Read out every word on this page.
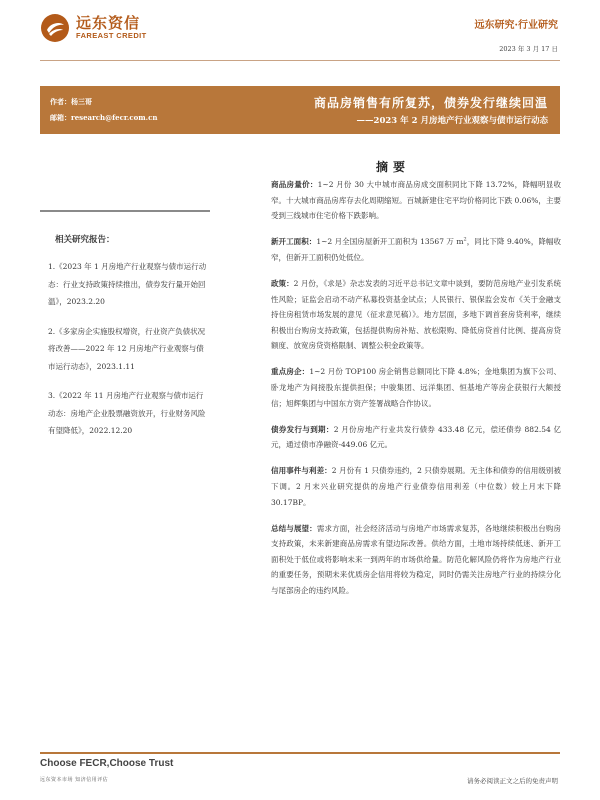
远东资信
FAREAST CREDIT
远东研究·行业研究
2023 年 3 月 17 日
作者：杨三哥
邮箱：research@fecr.com.cn
商品房销售有所复苏，债券发行继续回温
——2023 年 2 月房地产行业观察与债市运行动态
相关研究报告：
1.《2023 年 1 月房地产行业观察与债市运行动态：行业支持政策持续推出，债券发行量开始回温》，2023.2.20
2.《多家房企实施股权增资，行业资产负债状况将改善——2022 年 12 月房地产行业观察与债市运行动态》，2023.1.11
3.《2022 年 11 月房地产行业观察与债市运行动态：房地产企业股票融资放开，行业财务风险有望降低》，2022.12.20
摘要
商品房量价：1~2 月份 30 大中城市商品房成交面积同比下降 13.72%，降幅明显收窄。十大城市商品房库存去化周期缩短。百城新建住宅平均价格同比下跌 0.06%，主要受到三线城市住宅价格下跌影响。
新开工面积：1~2 月全国房屋新开工面积为 13567 万 $m^2$，同比下降 9.40%，降幅收窄，但新开工面积仍处低位。
政策：2 月份，《求是》杂志发表的习近平总书记文章中谈到，要防范房地产业引发系统性风险；证监会启动不动产私募投资基金试点；人民银行、银保监会发布《关于金融支持住房租赁市场发展的意见（征求意见稿）》。地方层面，多地下调首套房贷利率，继续积极出台购房支持政策，包括提供购房补贴、放松限购、降低房贷首付比例、提高房贷额度、放宽房贷资格限制、调整公积金政策等。
重点房企：1~2 月份 TOP100 房企销售总额同比下降 4.8%；金地集团为旗下公司、卧龙地产为间接股东提供担保；中骏集团、远洋集团、恒基地产等房企获银行大额授信；旭辉集团与中国东方资产签署战略合作协议。
债券发行与到期：2 月份房地产行业共发行债券 433.48 亿元，偿还债券 882.54 亿元，通过债市净融资-449.06 亿元。
信用事件与利差：2 月份有 1 只债券违约，2 只债券展期。无主体和债券的信用级别被下调。2 月末兴业研究提供的房地产行业债券信用利差（中位数）较上月末下降 30.17BP。
总结与展望：需求方面，社会经济活动与房地产市场需求复苏，各地继续积极出台购房支持政策，未来新建商品房需求有望边际改善。供给方面，土地市场持续低迷、新开工面积处于低位或将影响未来一到两年的市场供给量。防范化解风险仍将作为房地产行业的重要任务，预期未来优质房企信用将较为稳定，同时仍需关注房地产行业的持续分化与尾部房企的违约风险。
Choose FECR,Choose Trust
远东资本市场 知济信用评估	请务必阅读正文之后的免责声明
